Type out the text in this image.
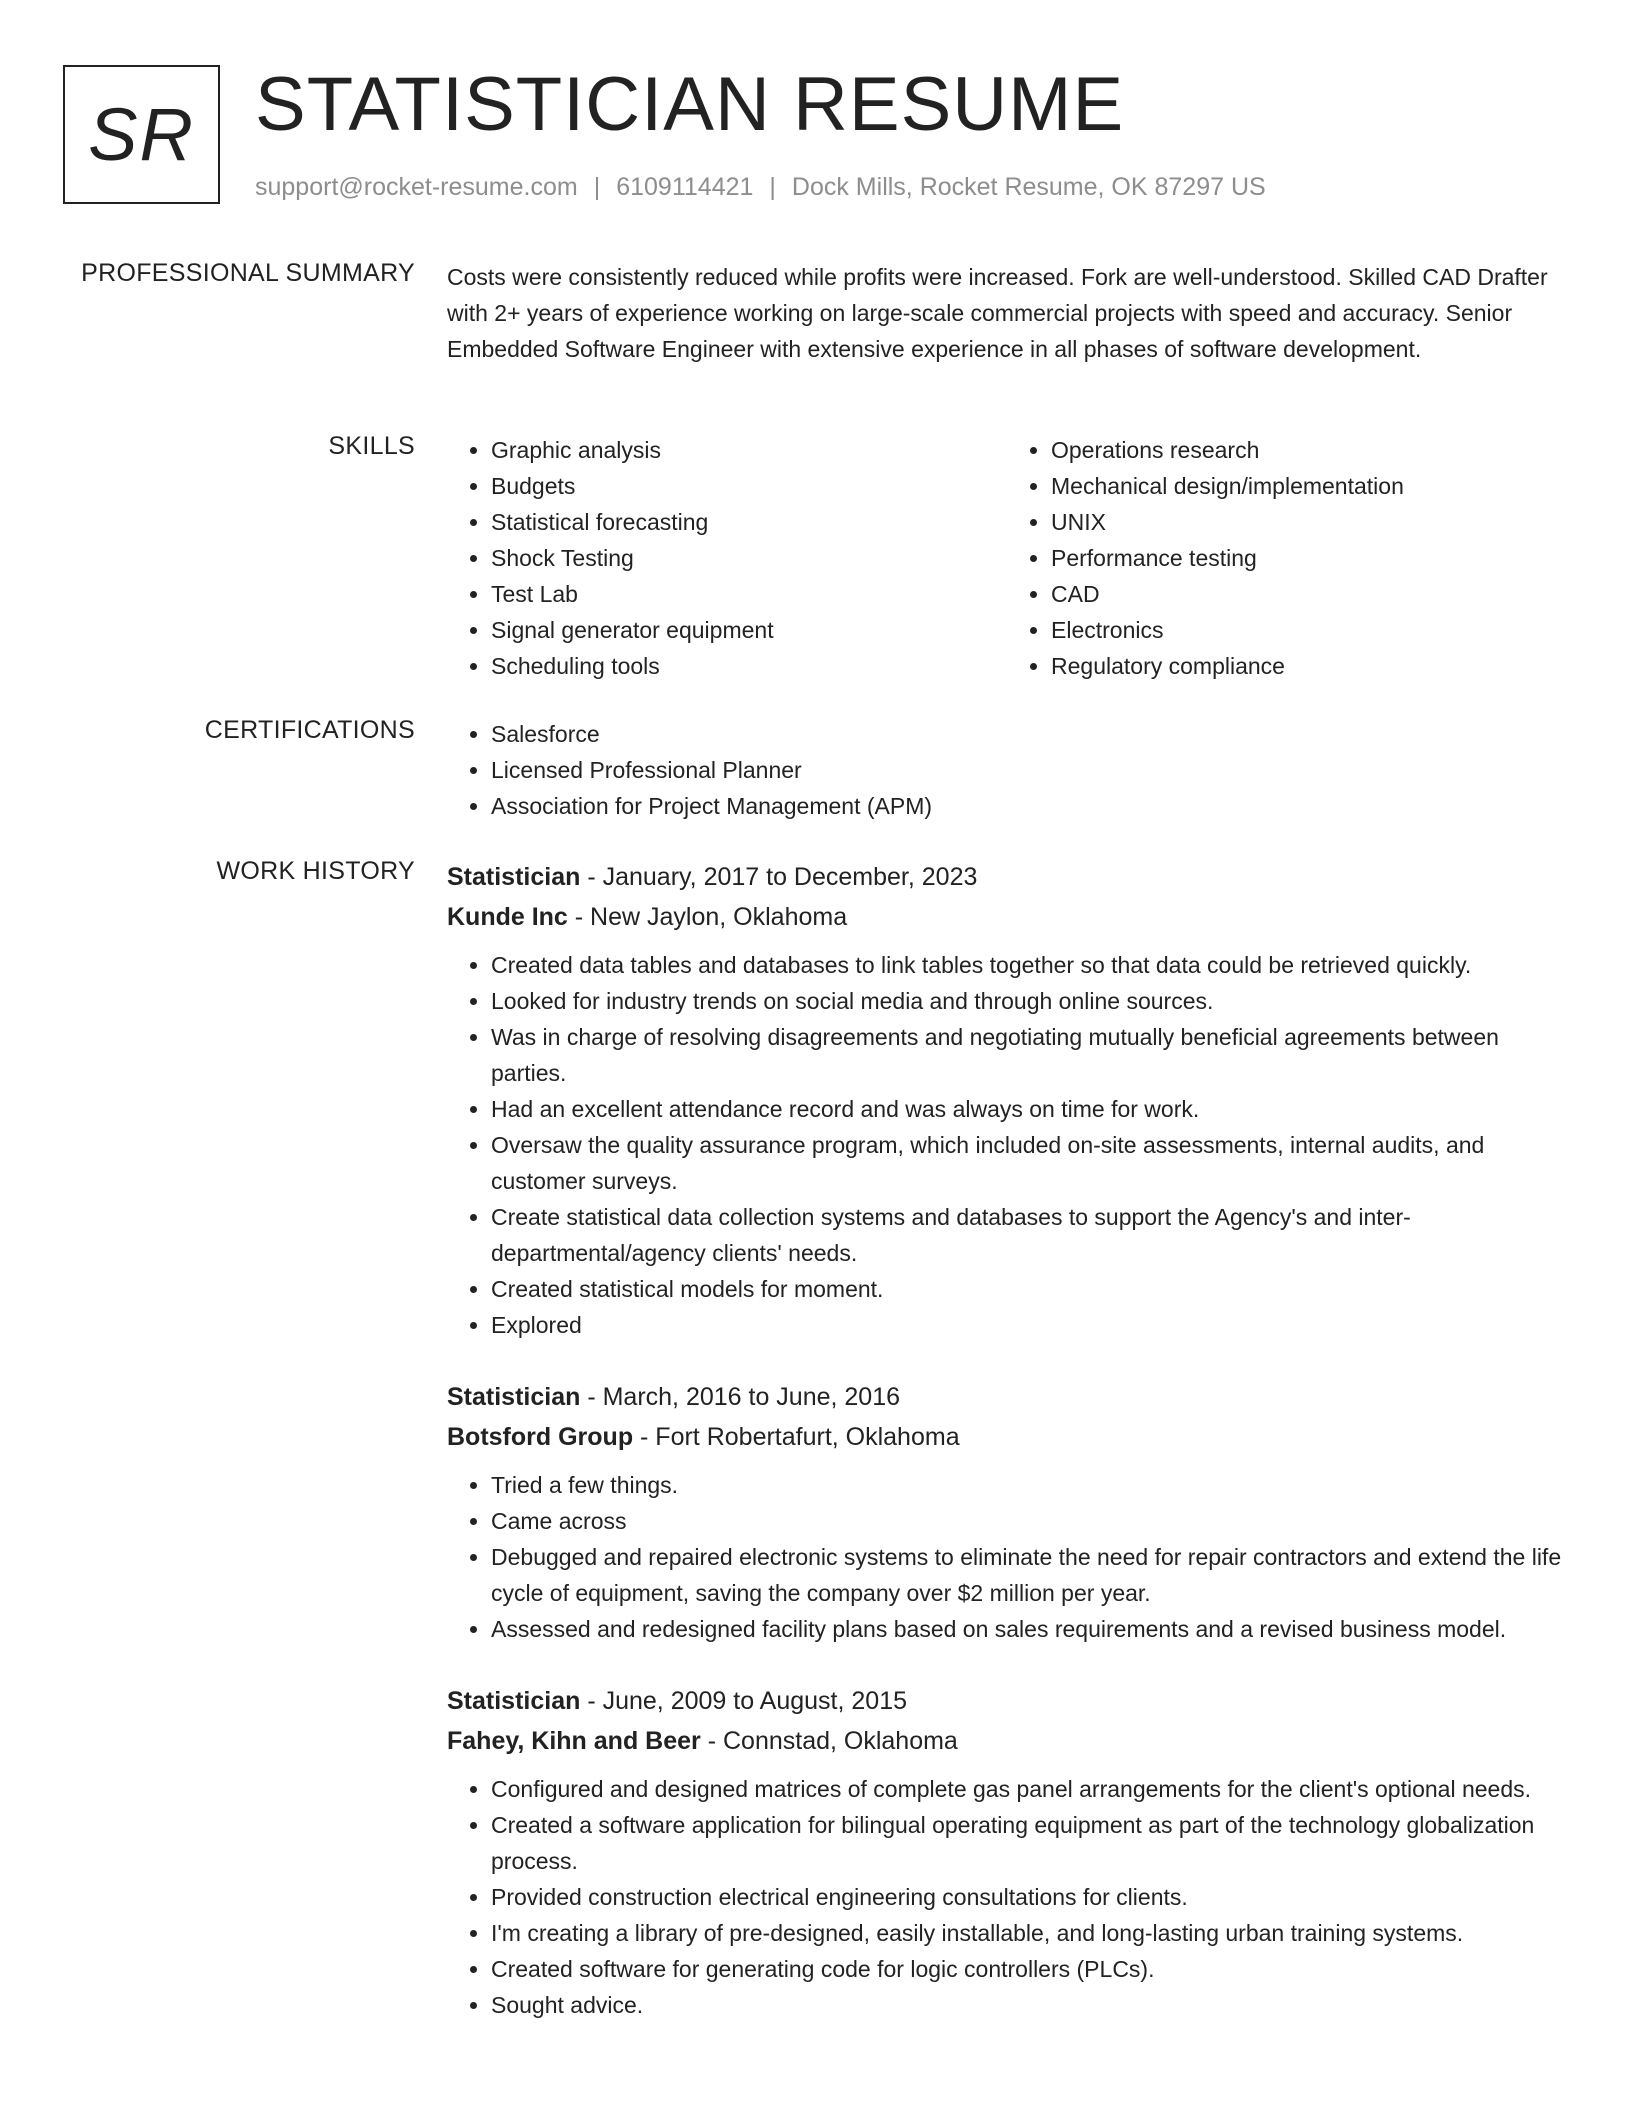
SR STATISTICIAN RESUME
support@rocket-resume.com | 6109114421 | Dock Mills, Rocket Resume, OK 87297 US
PROFESSIONAL SUMMARY Costs were consistently reduced while profits were increased. Fork are well-understood. Skilled CAD Drafter with 2+ years of experience working on large-scale commercial projects with speed and accuracy. Senior Embedded Software Engineer with extensive experience in all phases of software development.
SKILLS	• Graphic analysis
• Budgets
• Statistical forecasting
• Shock Testing
• Test Lab
• Signal generator equipment
• Scheduling tools
• Operations research
• Mechanical design/implementation
• UNIX
• Performance testing
• CAD
• Electronics
• Regulatory compliance
CERTIFICATIONS	• Salesforce
• Licensed Professional Planner
• Association for Project Management (APM)
WORK HISTORY Statistician - January, 2017 to December, 2023
Kunde Inc - New Jaylon, Oklahoma
• Created data tables and databases to link tables together so that data could be retrieved quickly.
• Looked for industry trends on social media and through online sources.
• Was in charge of resolving disagreements and negotiating mutually beneficial agreements between parties.
• Had an excellent attendance record and was always on time for work.
• Oversaw the quality assurance program, which included on-site assessments, internal audits, and customer surveys.
• Create statistical data collection systems and databases to support the Agency's and inter-departmental/agency clients' needs.
• Created statistical models for moment.
• Explored
Statistician - March, 2016 to June, 2016
Botsford Group - Fort Robertafurt, Oklahoma
• Tried a few things.
• Came across
• Debugged and repaired electronic systems to eliminate the need for repair contractors and extend the life cycle of equipment, saving the company over $2 million per year.
• Assessed and redesigned facility plans based on sales requirements and a revised business model.
Statistician - June, 2009 to August, 2015
Fahey, Kihn and Beer - Connstad, Oklahoma
• Configured and designed matrices of complete gas panel arrangements for the client's optional needs.
• Created a software application for bilingual operating equipment as part of the technology globalization process.
• Provided construction electrical engineering consultations for clients.
• I'm creating a library of pre-designed, easily installable, and long-lasting urban training systems.
• Created software for generating code for logic controllers (PLCs).
• Sought advice.
